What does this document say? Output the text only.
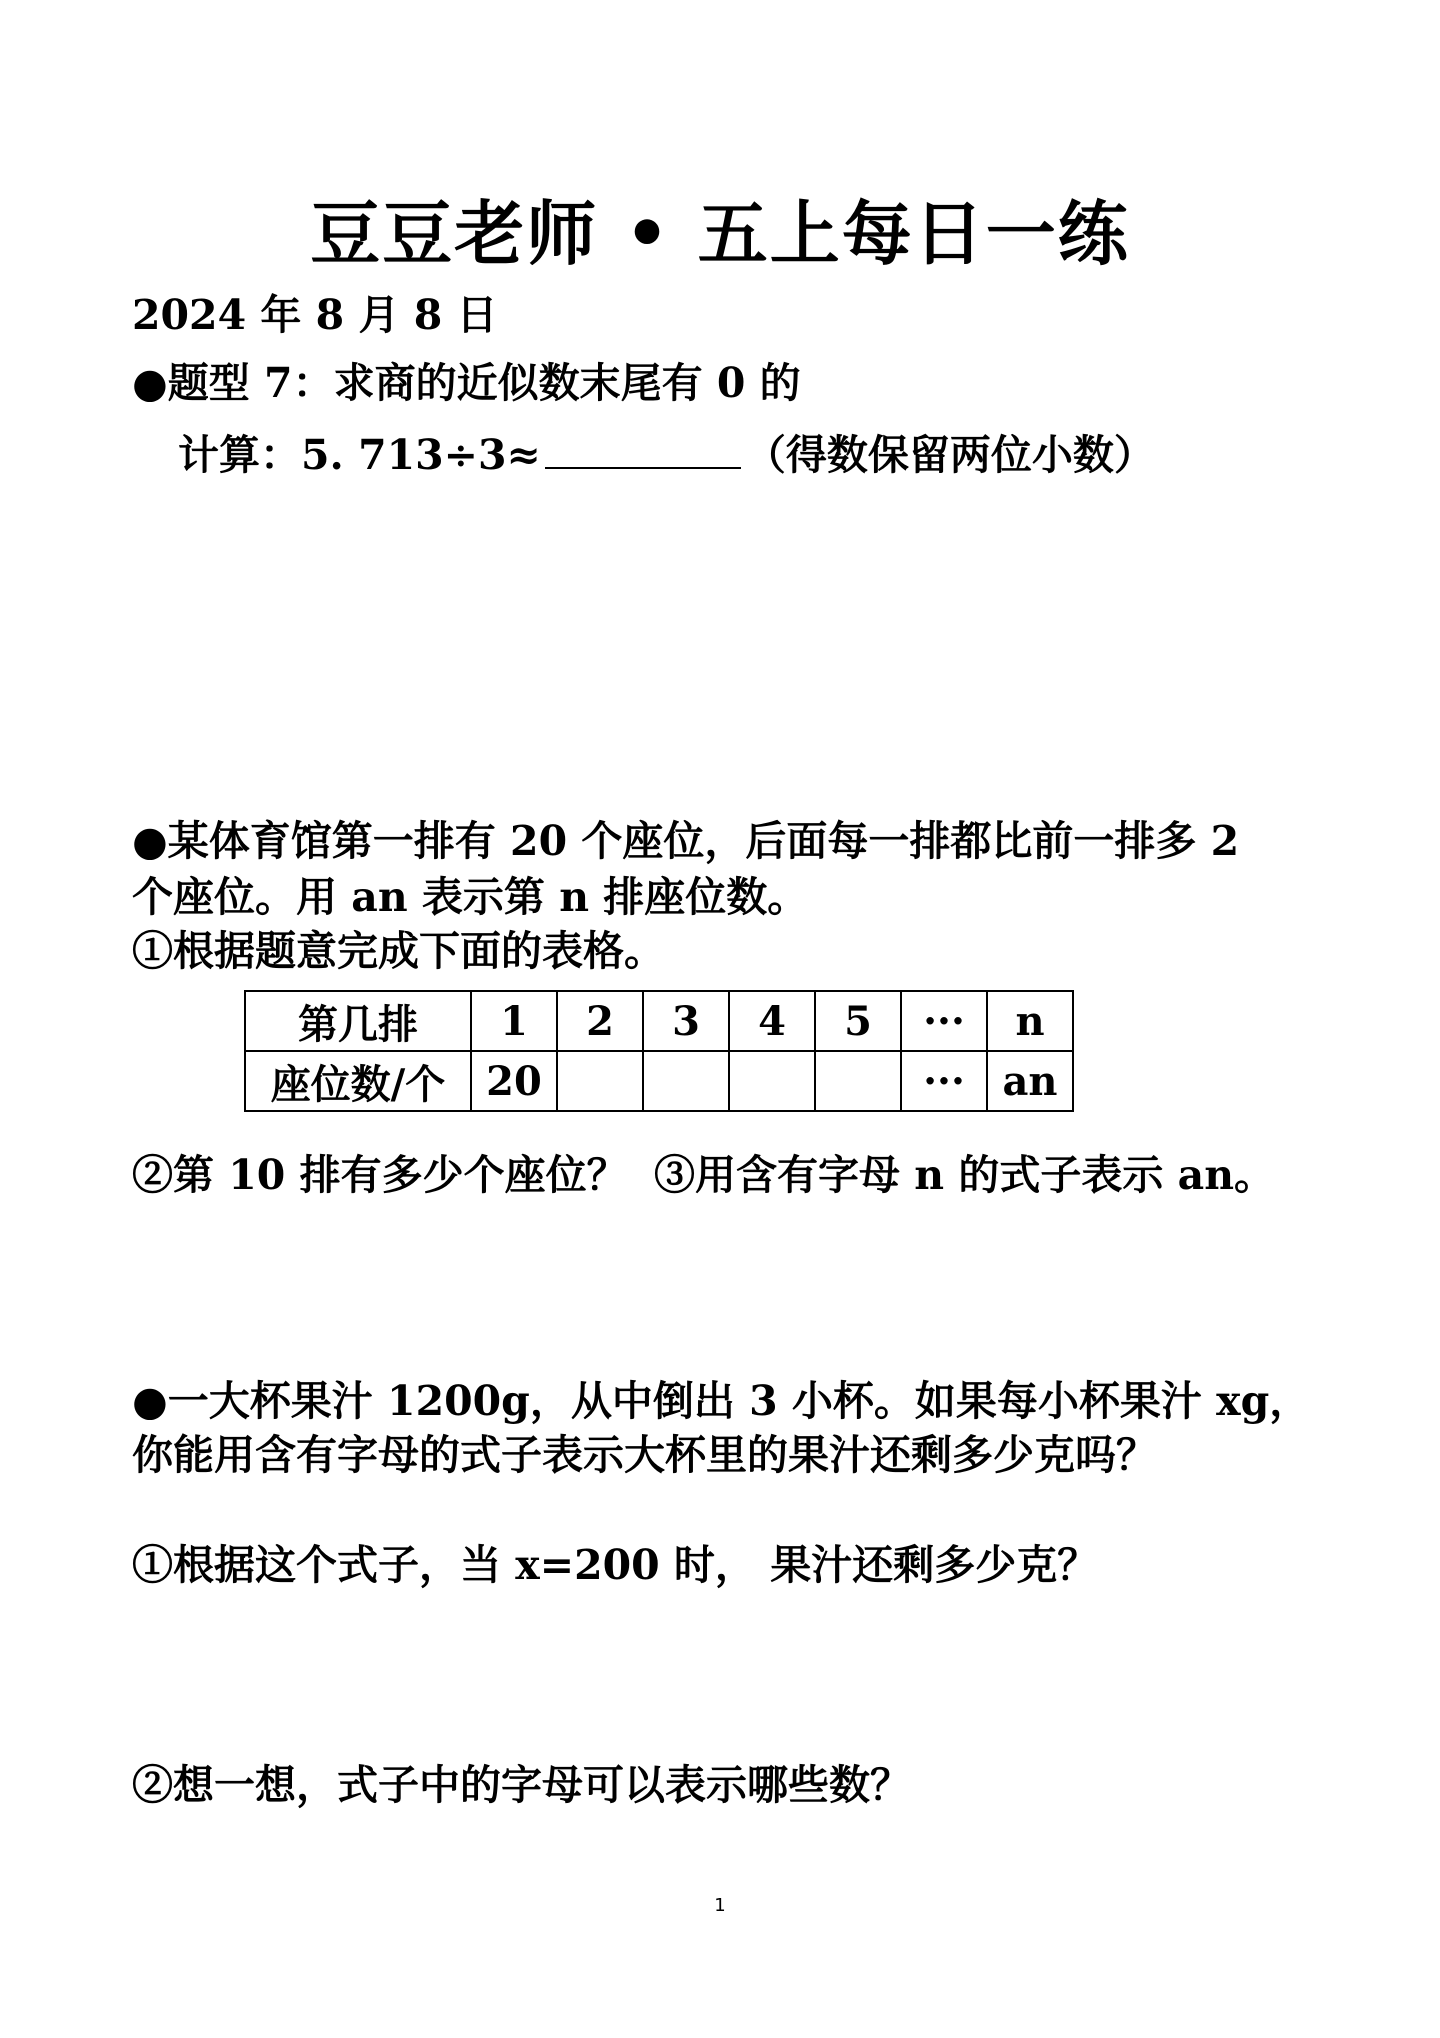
豆豆老师 • 五上每日一练
2024 年 8 月 8 日
●题型 7：求商的近似数末尾有 0 的
计算：5. 713÷3≈	（得数保留两位小数）
●某体育馆第一排有 20 个座位，后面每一排都比前一排多 2
个座位。用 an 表示第 n 排座位数。
①根据题意完成下面的表格。
第几排	1	2	3	4	5	···	n
座位数/个	20					···	an
②第 10 排有多少个座位？ ③用含有字母 n 的式子表示 an。
●一大杯果汁 1200g，从中倒出 3 小杯。如果每小杯果汁 xg，
你能用含有字母的式子表示大杯里的果汁还剩多少克吗？
①根据这个式子，当 x=200 时， 果汁还剩多少克？
②想一想，式子中的字母可以表示哪些数？
1
